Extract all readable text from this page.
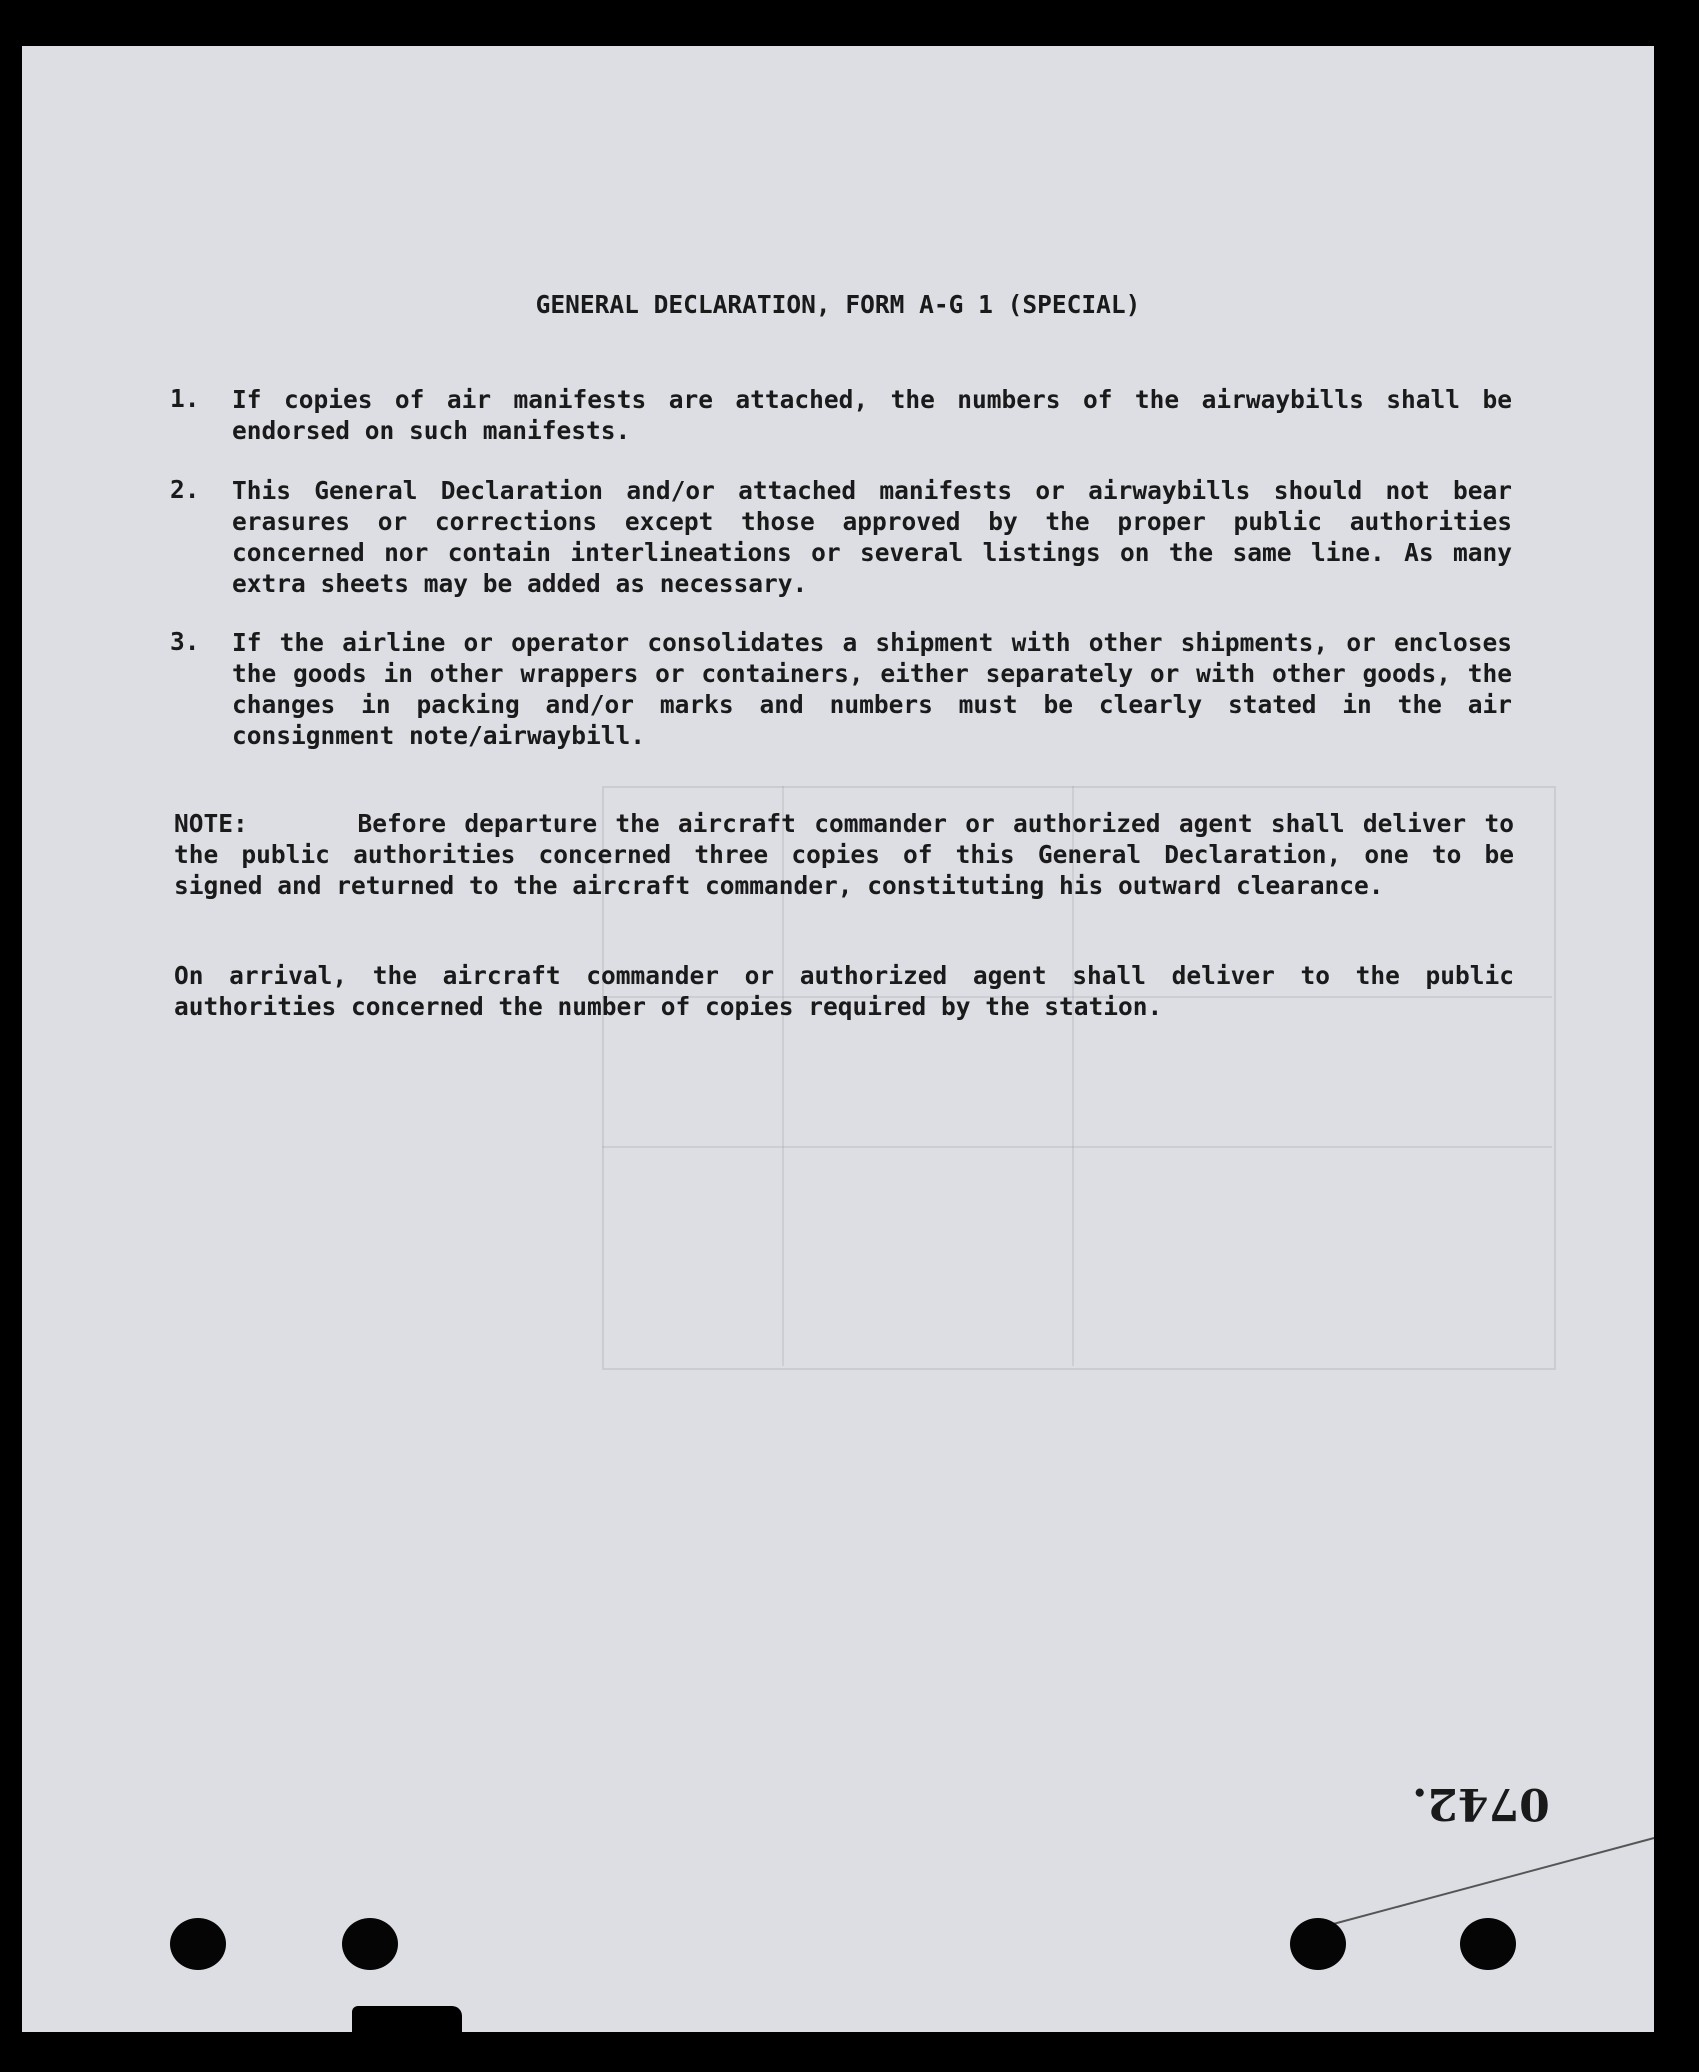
GENERAL DECLARATION, FORM A-G 1 (SPECIAL)
1. If copies of air manifests are attached, the numbers of the airwaybills shall be endorsed on such manifests.
2. This General Declaration and/or attached manifests or airwaybills should not bear erasures or corrections except those approved by the proper public authorities concerned nor contain interlineations or several listings on the same line. As many extra sheets may be added as necessary.
3. If the airline or operator consolidates a shipment with other shipments, or encloses the goods in other wrappers or containers, either separately or with other goods, the changes in packing and/or marks and numbers must be clearly stated in the air consignment note/airwaybill.
NOTE:	Before departure the aircraft commander or authorized agent shall deliver to the public authorities concerned three copies of this General Declaration, one to be signed and returned to the aircraft commander, constituting his outward clearance.
On arrival, the aircraft commander or authorized agent shall deliver to the public authorities concerned the number of copies required by the station.
0742.
